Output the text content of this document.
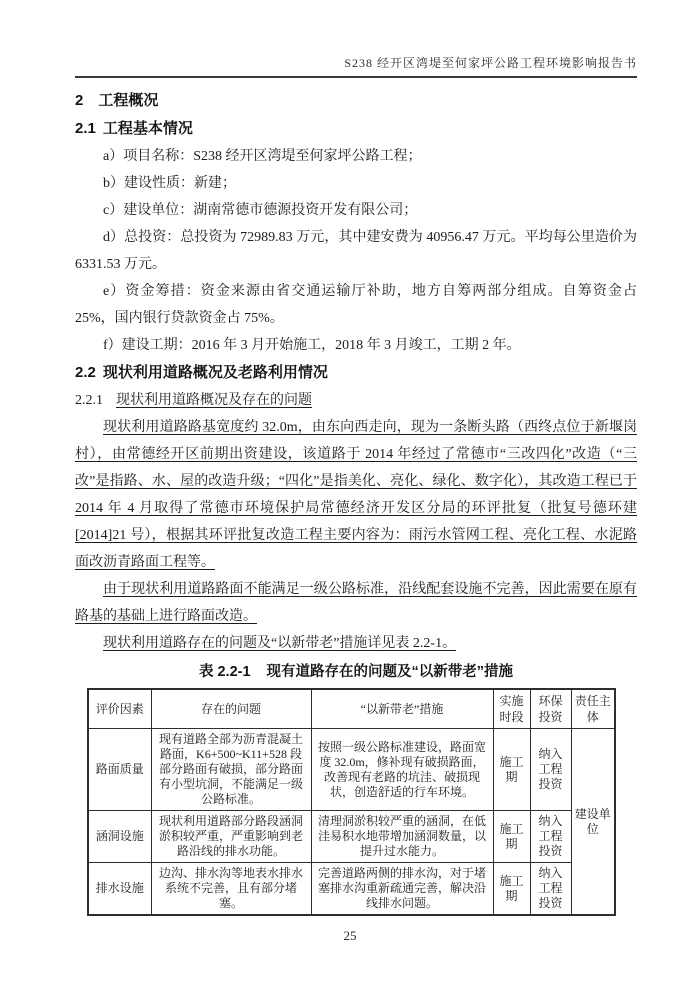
S238 经开区湾堤至何家坪公路工程环境影响报告书

2 工程概况

2.1 工程基本情况

a）项目名称：S238 经开区湾堤至何家坪公路工程；

b）建设性质：新建；

c）建设单位：湖南常德市德源投资开发有限公司；

d）总投资：总投资为 72989.83 万元，其中建安费为 40956.47 万元。平均每公里造价为 6331.53 万元。

e）资金筹措：资金来源由省交通运输厅补助，地方自筹两部分组成。自筹资金占25%，国内银行贷款资金占 75%。

f）建设工期：2016 年 3 月开始施工，2018 年 3 月竣工，工期 2 年。

2.2 现状利用道路概况及老路利用情况

2.2.1 现状利用道路概况及存在的问题

现状利用道路路基宽度约 32.0m，由东向西走向，现为一条断头路（西终点位于新堰岗村），由常德经开区前期出资建设，该道路于 2014 年经过了常德市“三改四化”改造（“三改”是指路、水、屋的改造升级；“四化”是指美化、亮化、绿化、数字化），其改造工程已于 2014 年 4 月取得了常德市环境保护局常德经济开发区分局的环评批复（批复号德环建[2014]21 号），根据其环评批复改造工程主要内容为：雨污水管网工程、亮化工程、水泥路面改沥青路面工程等。

由于现状利用道路路面不能满足一级公路标准，沿线配套设施不完善，因此需要在原有路基的基础上进行路面改造。

现状利用道路存在的问题及“以新带老”措施详见表 2.2-1。

表 2.2-1 现有道路存在的问题及“以新带老”措施
评价因素	存在的问题	“以新带老”措施	实施时段	环保投资	责任主体
路面质量	现有道路全部为沥青混凝土路面，K6+500~K11+528 段部分路面有破损，部分路面有小型坑洞，不能满足一级公路标准。	按照一级公路标准建设，路面宽度 32.0m，修补现有破损路面，改善现有老路的坑洼、破损现状，创造舒适的行车环境。	施工期	纳入工程投资	建设单位
涵洞设施	现状利用道路部分路段涵洞淤积较严重，严重影响到老路沿线的排水功能。	清理洞淤积较严重的涵洞，在低洼易积水地带增加涵洞数量，以提升过水能力。	施工期	纳入工程投资	
排水设施	边沟、排水沟等地表水排水系统不完善，且有部分堵塞。	完善道路两侧的排水沟，对于堵塞排水沟重新疏通完善，解决沿线排水问题。	施工期	纳入工程投资	
25
